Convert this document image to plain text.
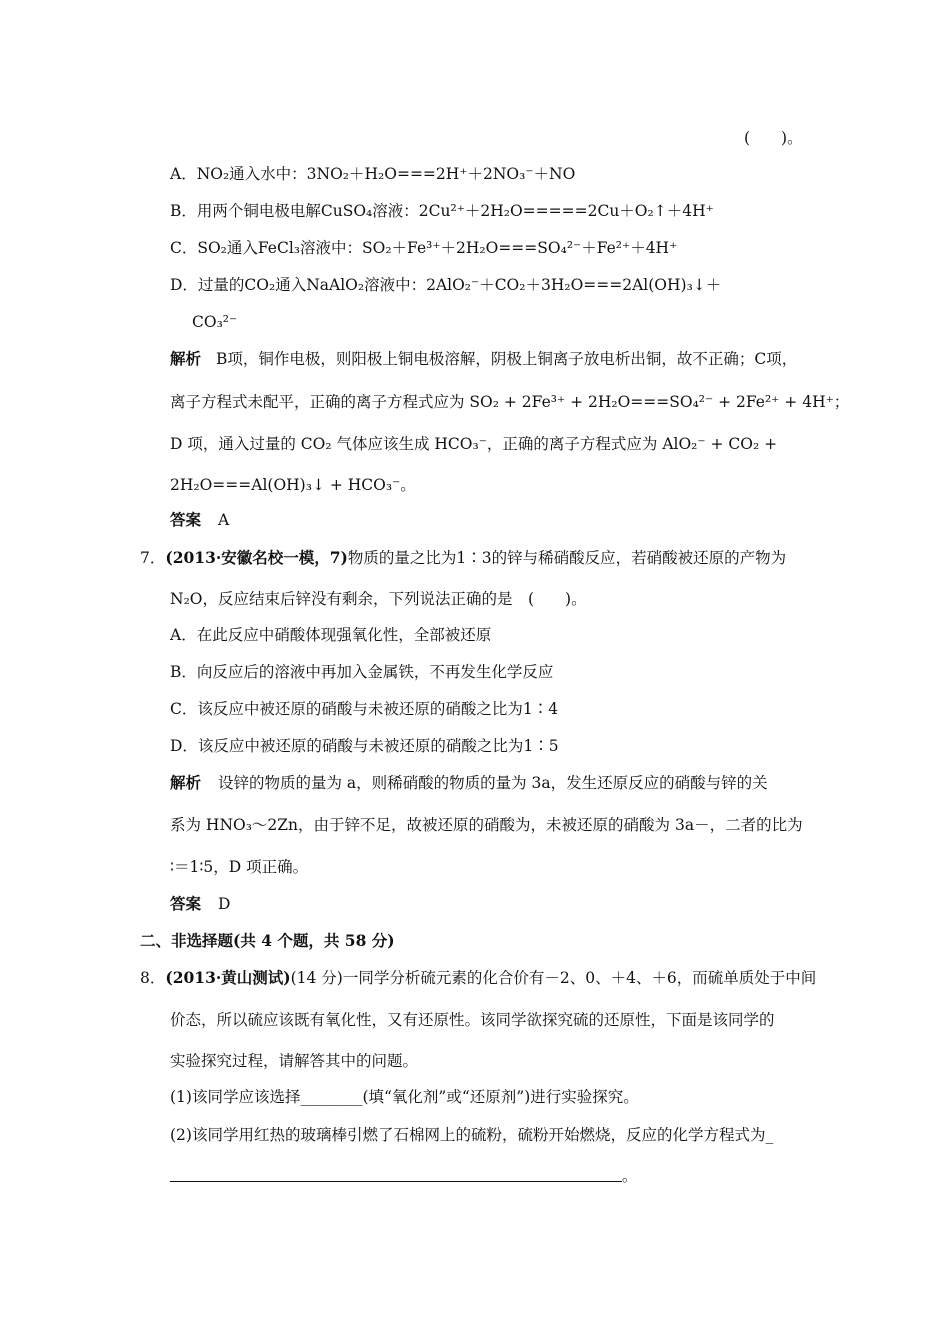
(　　)。
A．NO₂通入水中：3NO₂＋H₂O===2H⁺＋2NO₃⁻＋NO
B．用两个铜电极电解CuSO₄溶液：2Cu²⁺＋2H₂O=====2Cu＋O₂↑＋4H⁺
C．SO₂通入FeCl₃溶液中：SO₂＋Fe³⁺＋2H₂O===SO₄²⁻＋Fe²⁺＋4H⁺
D．过量的CO₂通入NaAlO₂溶液中：2AlO₂⁻＋CO₂＋3H₂O===2Al(OH)₃↓＋
CO₃²⁻
解析 B项，铜作电极，则阳极上铜电极溶解，阴极上铜离子放电析出铜，故不正确；C项，
离子方程式未配平，正确的离子方程式应为 SO₂ + 2Fe³⁺ + 2H₂O===SO₄²⁻ + 2Fe²⁺ + 4H⁺；
D 项，通入过量的 CO₂ 气体应该生成 HCO₃⁻，正确的离子方程式应为 AlO₂⁻ + CO₂ +
2H₂O===Al(OH)₃↓ + HCO₃⁻。
答案 A
7．(2013·安徽名校一模，7)物质的量之比为1∶3的锌与稀硝酸反应，若硝酸被还原的产物为
N₂O，反应结束后锌没有剩余，下列说法正确的是　(　　)。
A．在此反应中硝酸体现强氧化性，全部被还原
B．向反应后的溶液中再加入金属铁，不再发生化学反应
C．该反应中被还原的硝酸与未被还原的硝酸之比为1∶4
D．该反应中被还原的硝酸与未被还原的硝酸之比为1∶5
解析 设锌的物质的量为 a，则稀硝酸的物质的量为 3a，发生还原反应的硝酸与锌的关
系为 HNO₃～2Zn，由于锌不足，故被还原的硝酸为，未被还原的硝酸为 3a－，二者的比为
∶＝1∶5，D 项正确。
答案 D
二、非选择题(共 4 个题，共 58 分)
8．(2013·黄山测试)(14 分)一同学分析硫元素的化合价有－2、0、＋4、＋6，而硫单质处于中间
价态，所以硫应该既有氧化性，又有还原性。该同学欲探究硫的还原性，下面是该同学的
实验探究过程，请解答其中的问题。
(1)该同学应该选择________(填“氧化剂”或“还原剂”)进行实验探究。
(2)该同学用红热的玻璃棒引燃了石棉网上的硫粉，硫粉开始燃烧，反应的化学方程式为_
。
